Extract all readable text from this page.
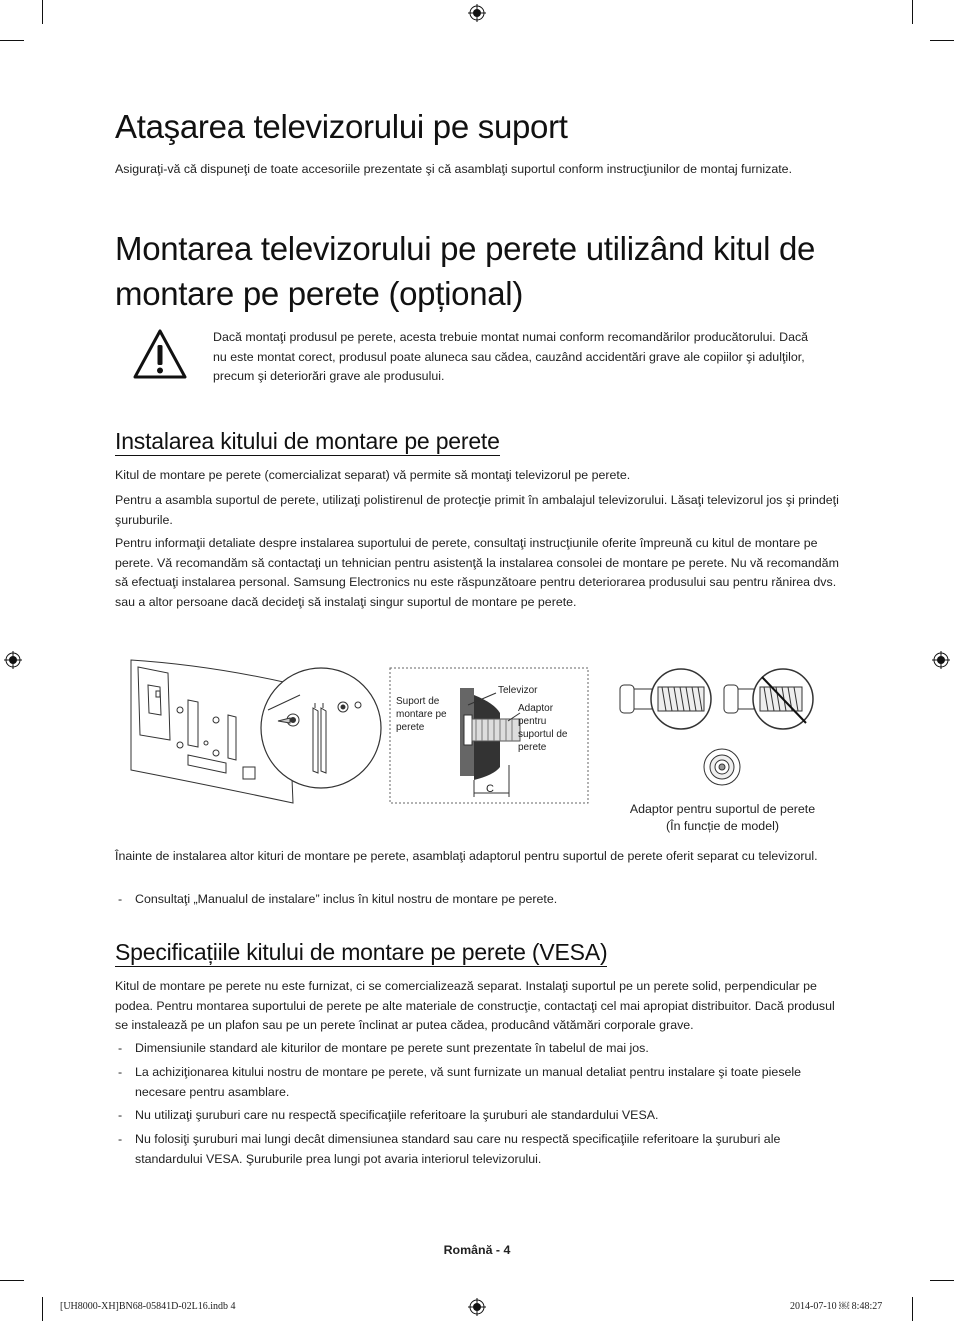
Ataşarea televizorului pe suport

Asiguraţi-vă că dispuneţi de toate accesoriile prezentate şi că asamblaţi suportul conform instrucţiunilor de montaj furnizate.

Montarea televizorului pe perete utilizând kitul de montare pe perete (opțional)

Dacă montaţi produsul pe perete, acesta trebuie montat numai conform recomandărilor producătorului. Dacă nu este montat corect, produsul poate aluneca sau cădea, cauzând accidentări grave ale copiilor şi adulţilor, precum şi deteriorări grave ale produsului.

Instalarea kitului de montare pe perete

Kitul de montare pe perete (comercializat separat) vă permite să montaţi televizorul pe perete.

Pentru a asambla suportul de perete, utilizaţi polistirenul de protecţie primit în ambalajul televizorului. Lăsaţi televizorul jos şi prindeţi şuruburile.

Pentru informaţii detaliate despre instalarea suportului de perete, consultaţi instrucţiunile oferite împreună cu kitul de montare pe perete. Vă recomandăm să contactaţi un tehnician pentru asistenţă la instalarea consolei de montare pe perete. Nu vă recomandăm să efectuaţi instalarea personal. Samsung Electronics nu este răspunzătoare pentru deteriorarea produsului sau pentru rănirea dvs. sau a altor persoane dacă decideţi să instalaţi singur suportul de montare pe perete.

Suport de
montare pe
perete
Televizor
Adaptor
pentru
suportul de
perete
C
Adaptor pentru suportul de perete
(În funcție de model)

Înainte de instalarea altor kituri de montare pe perete, asamblaţi adaptorul pentru suportul de perete oferit separat cu televizorul.

- Consultaţi „Manualul de instalare” inclus în kitul nostru de montare pe perete.
Specificațiile kitului de montare pe perete (VESA)

Kitul de montare pe perete nu este furnizat, ci se comercializează separat. Instalaţi suportul pe un perete solid, perpendicular pe podea. Pentru montarea suportului de perete pe alte materiale de construcţie, contactaţi cel mai apropiat distribuitor. Dacă produsul se instalează pe un plafon sau pe un perete înclinat ar putea cădea, producând vătămări corporale grave.

- Dimensiunile standard ale kiturilor de montare pe perete sunt prezentate în tabelul de mai jos.
- La achiziţionarea kitului nostru de montare pe perete, vă sunt furnizate un manual detaliat pentru instalare şi toate piesele necesare pentru asamblare.
- Nu utilizaţi şuruburi care nu respectă specificaţiile referitoare la şuruburi ale standardului VESA.
- Nu folosiţi şuruburi mai lungi decât dimensiunea standard sau care nu respectă specificaţiile referitoare la şuruburi ale standardului VESA. Şuruburile prea lungi pot avaria interiorul televizorului.
Română - 4
[UH8000-XH]BN68-05841D-02L16.indb 4	2014-07-10 ￼ 8:48:27
